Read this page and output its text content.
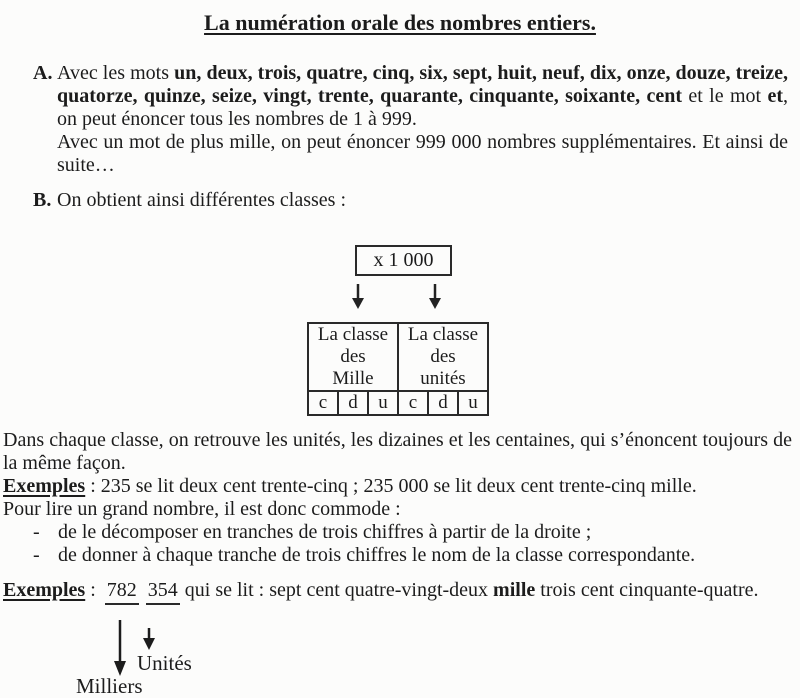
La numération orale des nombres entiers.
A. Avec les mots un, deux, trois, quatre, cinq, six, sept, huit, neuf, dix, onze, douze, treize, quatorze, quinze, seize, vingt, trente, quarante, cinquante, soixante, cent et le mot et, on peut énoncer tous les nombres de 1 à 999.

Avec un mot de plus mille, on peut énoncer 999 000 nombres supplémentaires. Et ainsi de suite…

B. On obtient ainsi différentes classes :

x 1 000
La classe
des
Mille

La classe
des
unités

c	d	u	c	d	u

Dans chaque classe, on retrouve les unités, les dizaines et les centaines, qui s’énoncent toujours de la même façon.

Exemples : 235 se lit deux cent trente-cinq ; 235 000 se lit deux cent trente-cinq mille.

Pour lire un grand nombre, il est donc commode :

- de le décomposer en tranches de trois chiffres à partir de la droite ;

- de donner à chaque tranche de trois chiffres le nom de la classe correspondante.

Exemples : 782 354 qui se lit : sept cent quatre-vingt-deux mille trois cent cinquante-quatre.

Unités
Milliers
